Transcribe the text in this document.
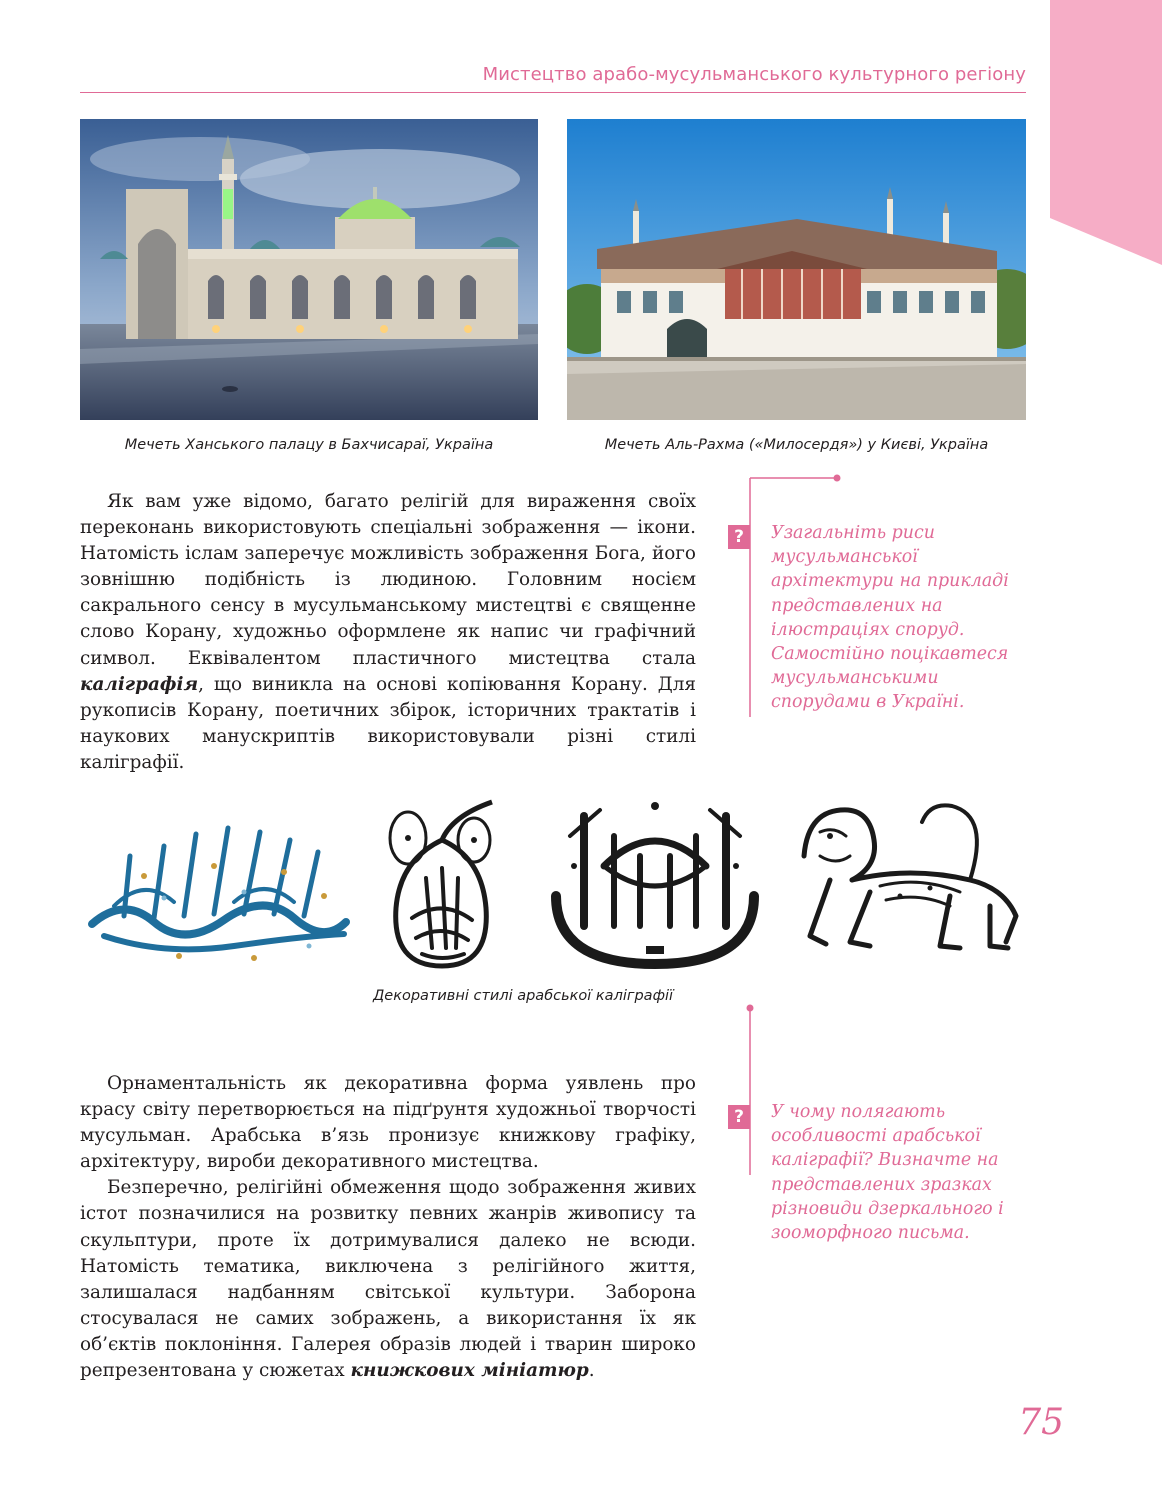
Мистецтво арабо-мусульманського культурного регіону
Мечеть Ханського палацу в Бахчисараї, Україна	Мечеть Аль-Рахма («Милосердя») у Києві, Україна

Як вам уже відомо, багато релігій для вираження своїх переконань використовують спеціальні зображення — ікони. Натомість іслам заперечує можливість зображення Бога, його зовнішню подібність із людиною. Головним носієм сакрального сенсу в мусульманському мистецтві є священне слово Корану, художньо оформлене як напис чи графічний символ. Еквівалентом пластичного мистецтва стала каліграфія, що виникла на основі копіювання Корану. Для рукописів Корану, поетичних збірок, історичних трактатів і наукових манускриптів використовували різні стилі каліграфії.

?	Узагальніть риси мусульманської архітектури на прикладі представлених на ілюстраціях споруд. Самостійно поцікавтеся мусульманськими спорудами в Україні.
Декоративні стилі арабської каліграфії

Орнаментальність як декоративна форма уявлень про красу світу перетворюється на підґрунтя художньої творчості мусульман. Арабська в’язь пронизує книжкову графіку, архітектуру, вироби декоративного мистецтва.

Безперечно, релігійні обмеження щодо зображення живих істот позначилися на розвитку певних жанрів живопису та скульптури, проте їх дотримувалися далеко не всюди. Натомість тематика, виключена з релігійного життя, залишалася надбанням світської культури. Заборона стосувалася не самих зображень, а використання їх як об’єктів поклоніння. Галерея образів людей і тварин широко репрезентована у сюжетах книжкових мініатюр.

?	У чому полягають особливості арабської каліграфії? Визначте на представлених зразках різновиди дзеркального і зооморфного письма.
75
